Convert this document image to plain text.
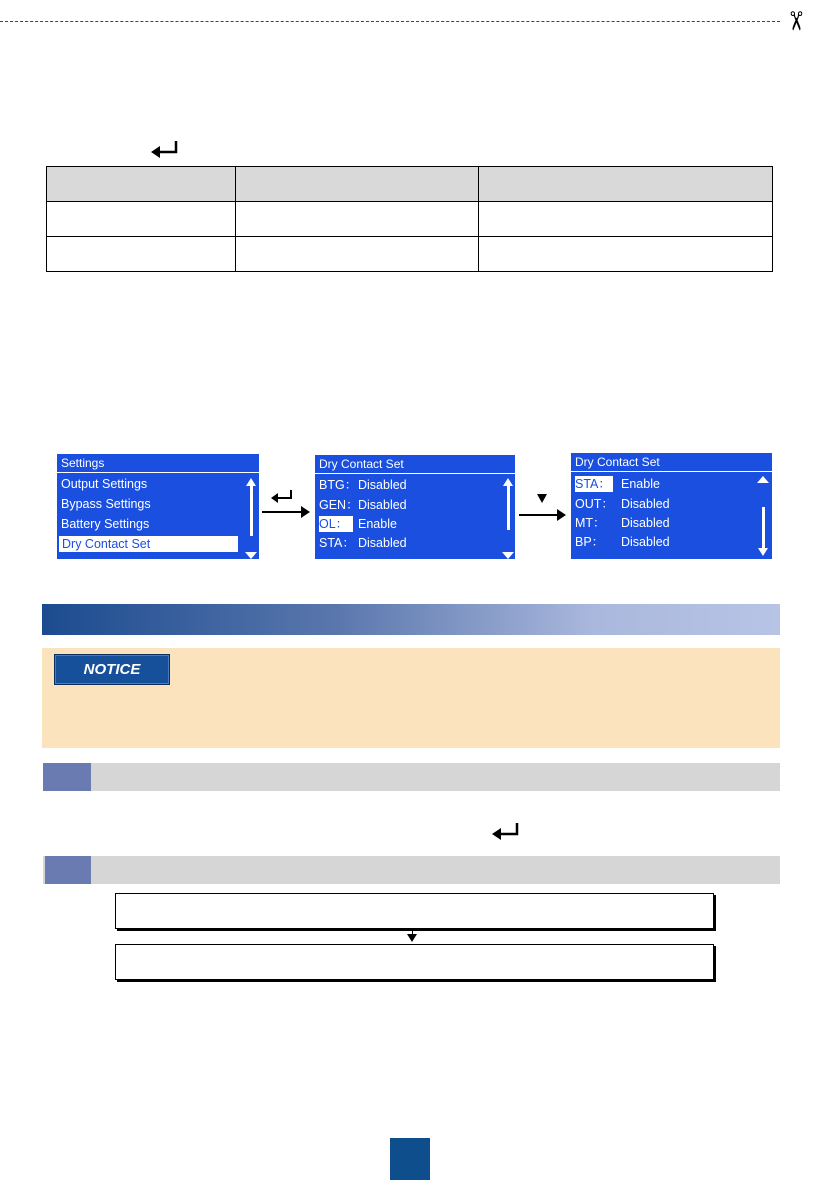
✂

Settings
Output Settings
Bypass Settings
Battery Settings
Dry Contact Set
Dry Contact Set
BTG： Disabled
GEN： Disabled
OL： Enable
STA： Disabled
Dry Contact Set
STA： Enable
OUT： Disabled
MT： Disabled
BP： Disabled
NOTICE
